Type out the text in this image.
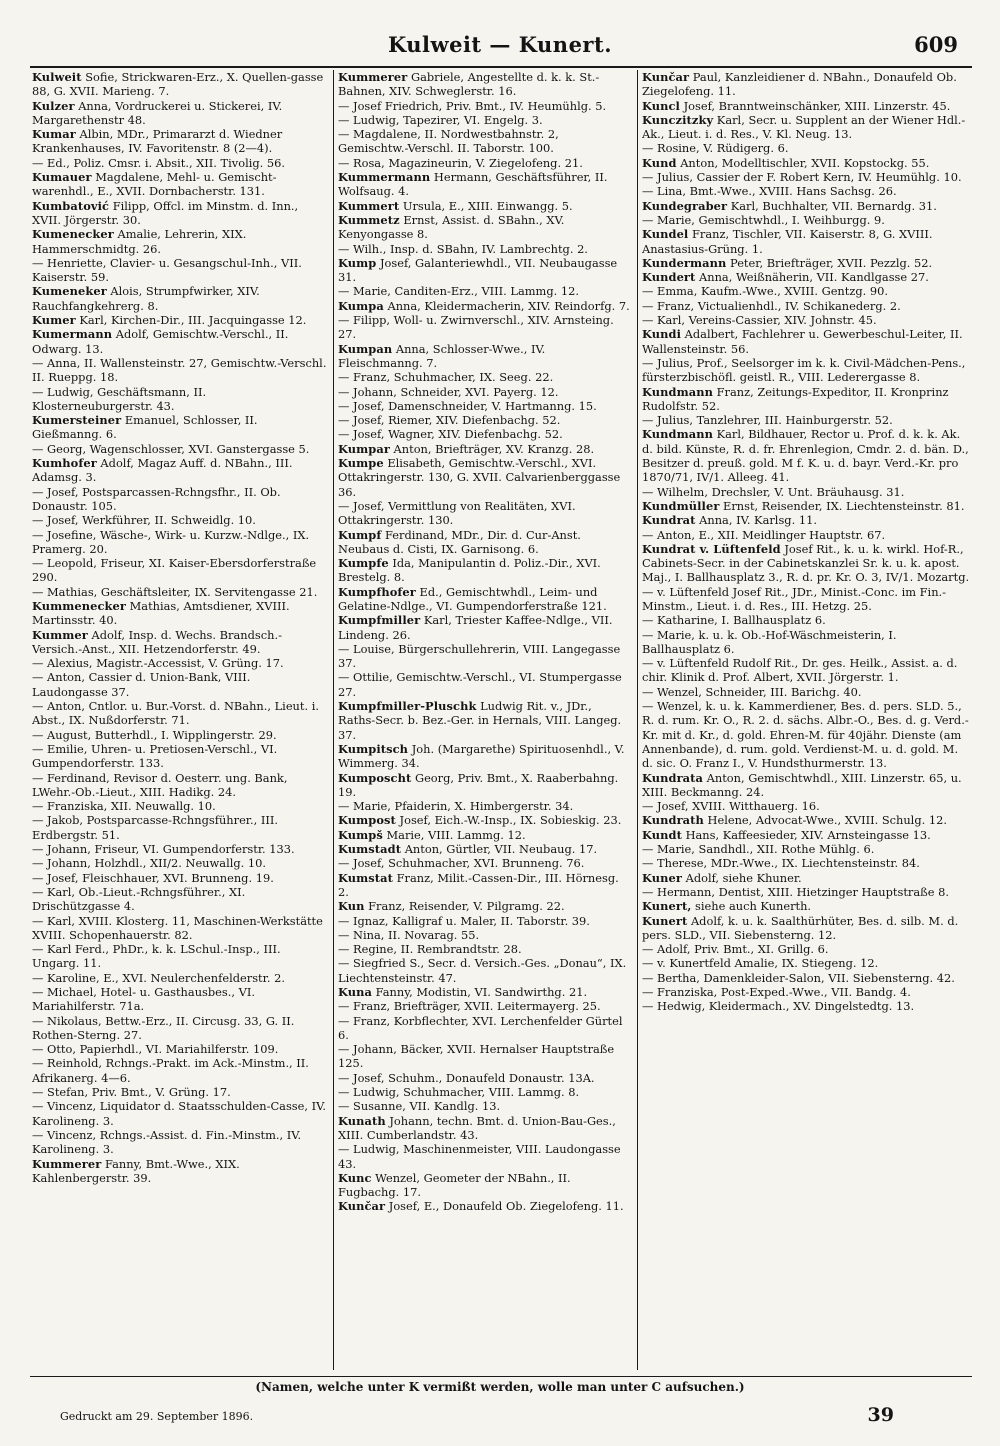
Kulweit — Kunert.	609

Kulweit Sofie, Strickwaren-Erz., X. Quellen-gasse 88, G. XVII. Marieng. 7.

Kulzer Anna, Vordruckerei u. Stickerei, IV. Margarethenstr 48.

Kumar Albin, MDr., Primararzt d. Wiedner Krankenhauses, IV. Favoritenstr. 8 (2—4).

— Ed., Poliz. Cmsr. i. Absit., XII. Tivolig. 56.

Kumauer Magdalene, Mehl- u. Gemischt-warenhdl., E., XVII. Dornbacherstr. 131.

Kumbatović Filipp, Offcl. im Minstm. d. Inn., XVII. Jörgerstr. 30.

Kumenecker Amalie, Lehrerin, XIX. Hammerschmidtg. 26.

— Henriette, Clavier- u. Gesangschul-Inh., VII. Kaiserstr. 59.

Kumeneker Alois, Strumpfwirker, XIV. Rauchfangkehrerg. 8.

Kumer Karl, Kirchen-Dir., III. Jacquingasse 12.

Kumermann Adolf, Gemischtw.-Verschl., II. Odwarg. 13.

— Anna, II. Wallensteinstr. 27, Gemischtw.-Verschl. II. Rueppg. 18.

— Ludwig, Geschäftsmann, II. Klosterneuburgerstr. 43.

Kumersteiner Emanuel, Schlosser, II. Gießmanng. 6.

— Georg, Wagenschlosser, XVI. Ganstergasse 5.

Kumhofer Adolf, Magaz Auff. d. NBahn., III. Adamsg. 3.

— Josef, Postsparcassen-Rchngsfhr., II. Ob. Donaustr. 105.

— Josef, Werkführer, II. Schweidlg. 10.

— Josefine, Wäsche-, Wirk- u. Kurzw.-Ndlge., IX. Pramerg. 20.

— Leopold, Friseur, XI. Kaiser-Ebersdorferstraße 290.

— Mathias, Geschäftsleiter, IX. Servitengasse 21.

Kummenecker Mathias, Amtsdiener, XVIII. Martinsstr. 40.

Kummer Adolf, Insp. d. Wechs. Brandsch.-Versich.-Anst., XII. Hetzendorferstr. 49.

— Alexius, Magistr.-Accessist, V. Grüng. 17.

— Anton, Cassier d. Union-Bank, VIII. Laudongasse 37.

— Anton, Cntlor. u. Bur.-Vorst. d. NBahn., Lieut. i. Abst., IX. Nußdorferstr. 71.

— August, Butterhdl., I. Wipplingerstr. 29.

— Emilie, Uhren- u. Pretiosen-Verschl., VI. Gumpendorferstr. 133.

— Ferdinand, Revisor d. Oesterr. ung. Bank, LWehr.-Ob.-Lieut., XIII. Hadikg. 24.

— Franziska, XII. Neuwallg. 10.

— Jakob, Postsparcasse-Rchngsführer., III. Erdbergstr. 51.

— Johann, Friseur, VI. Gumpendorferstr. 133.

— Johann, Holzhdl., XII/2. Neuwallg. 10.

— Josef, Fleischhauer, XVI. Brunneng. 19.

— Karl, Ob.-Lieut.-Rchngsführer., XI. Drischützgasse 4.

— Karl, XVIII. Klosterg. 11, Maschinen-Werkstätte XVIII. Schopenhauerstr. 82.

— Karl Ferd., PhDr., k. k. LSchul.-Insp., III. Ungarg. 11.

— Karoline, E., XVI. Neulerchenfelderstr. 2.

— Michael, Hotel- u. Gasthausbes., VI. Mariahilferstr. 71a.

— Nikolaus, Bettw.-Erz., II. Circusg. 33, G. II. Rothen-Sterng. 27.

— Otto, Papierhdl., VI. Mariahilferstr. 109.

— Reinhold, Rchngs.-Prakt. im Ack.-Minstm., II. Afrikanerg. 4—6.

— Stefan, Priv. Bmt., V. Grüng. 17.

— Vincenz, Liquidator d. Staatsschulden-Casse, IV. Karolineng. 3.

— Vincenz, Rchngs.-Assist. d. Fin.-Minstm., IV. Karolineng. 3.

Kummerer Fanny, Bmt.-Wwe., XIX. Kahlenbergerstr. 39.

Kummerer Gabriele, Angestellte d. k. k. St.-Bahnen, XIV. Schweglerstr. 16.

— Josef Friedrich, Priv. Bmt., IV. Heumühlg. 5.

— Ludwig, Tapezirer, VI. Engelg. 3.

— Magdalene, II. Nordwestbahnstr. 2, Gemischtw.-Verschl. II. Taborstr. 100.

— Rosa, Magazineurin, V. Ziegelofeng. 21.

Kummermann Hermann, Geschäftsführer, II. Wolfsaug. 4.

Kummert Ursula, E., XIII. Einwangg. 5.

Kummetz Ernst, Assist. d. SBahn., XV. Kenyongasse 8.

— Wilh., Insp. d. SBahn, IV. Lambrechtg. 2.

Kump Josef, Galanteriewhdl., VII. Neubaugasse 31.

— Marie, Canditen-Erz., VIII. Lammg. 12.

Kumpa Anna, Kleidermacherin, XIV. Reindorfg. 7.

— Filipp, Woll- u. Zwirnverschl., XIV. Arnsteing. 27.

Kumpan Anna, Schlosser-Wwe., IV. Fleischmanng. 7.

— Franz, Schuhmacher, IX. Seeg. 22.

— Johann, Schneider, XVI. Payerg. 12.

— Josef, Damenschneider, V. Hartmanng. 15.

— Josef, Riemer, XIV. Diefenbachg. 52.

— Josef, Wagner, XIV. Diefenbachg. 52.

Kumpar Anton, Briefträger, XV. Kranzg. 28.

Kumpe Elisabeth, Gemischtw.-Verschl., XVI. Ottakringerstr. 130, G. XVII. Calvarienberggasse 36.

— Josef, Vermittlung von Realitäten, XVI. Ottakringerstr. 130.

Kumpf Ferdinand, MDr., Dir. d. Cur-Anst. Neubaus d. Cisti, IX. Garnisong. 6.

Kumpfe Ida, Manipulantin d. Poliz.-Dir., XVI. Brestelg. 8.

Kumpfhofer Ed., Gemischtwhdl., Leim- und Gelatine-Ndlge., VI. Gumpendorferstraße 121.

Kumpfmiller Karl, Triester Kaffee-Ndlge., VII. Lindeng. 26.

— Louise, Bürgerschullehrerin, VIII. Langegasse 37.

— Ottilie, Gemischtw.-Verschl., VI. Stumpergasse 27.

Kumpfmiller-Pluschk Ludwig Rit. v., JDr., Raths-Secr. b. Bez.-Ger. in Hernals, VIII. Langeg. 37.

Kumpitsch Joh. (Margarethe) Spirituosenhdl., V. Wimmerg. 34.

Kumposcht Georg, Priv. Bmt., X. Raaberbahng. 19.

— Marie, Pfaiderin, X. Himbergerstr. 34.

Kumpost Josef, Eich.-W.-Insp., IX. Sobieskig. 23.

Kumpš Marie, VIII. Lammg. 12.

Kumstadt Anton, Gürtler, VII. Neubaug. 17.

— Josef, Schuhmacher, XVI. Brunneng. 76.

Kumstat Franz, Milit.-Cassen-Dir., III. Hörnesg. 2.

Kun Franz, Reisender, V. Pilgramg. 22.

— Ignaz, Kalligraf u. Maler, II. Taborstr. 39.

— Nina, II. Novarag. 55.

— Regine, II. Rembrandtstr. 28.

— Siegfried S., Secr. d. Versich.-Ges. „Donau“, IX. Liechtensteinstr. 47.

Kuna Fanny, Modistin, VI. Sandwirthg. 21.

— Franz, Briefträger, XVII. Leitermayerg. 25.

— Franz, Korbflechter, XVI. Lerchenfelder Gürtel 6.

— Johann, Bäcker, XVII. Hernalser Hauptstraße 125.

— Josef, Schuhm., Donaufeld Donaustr. 13A.

— Ludwig, Schuhmacher, VIII. Lammg. 8.

— Susanne, VII. Kandlg. 13.

Kunath Johann, techn. Bmt. d. Union-Bau-Ges., XIII. Cumberlandstr. 43.

— Ludwig, Maschinenmeister, VIII. Laudongasse 43.

Kunc Wenzel, Geometer der NBahn., II. Fugbachg. 17.

Kunčar Josef, E., Donaufeld Ob. Ziegelofeng. 11.

Kunčar Paul, Kanzleidiener d. NBahn., Donaufeld Ob. Ziegelofeng. 11.

Kuncl Josef, Branntweinschänker, XIII. Linzerstr. 45.

Kunczitzky Karl, Secr. u. Supplent an der Wiener Hdl.-Ak., Lieut. i. d. Res., V. Kl. Neug. 13.

— Rosine, V. Rüdigerg. 6.

Kund Anton, Modelltischler, XVII. Kopstockg. 55.

— Julius, Cassier der F. Robert Kern, IV. Heumühlg. 10.

— Lina, Bmt.-Wwe., XVIII. Hans Sachsg. 26.

Kundegraber Karl, Buchhalter, VII. Bernardg. 31.

— Marie, Gemischtwhdl., I. Weihburgg. 9.

Kundel Franz, Tischler, VII. Kaiserstr. 8, G. XVIII. Anastasius-Grüng. 1.

Kundermann Peter, Briefträger, XVII. Pezzlg. 52.

Kundert Anna, Weißnäherin, VII. Kandlgasse 27.

— Emma, Kaufm.-Wwe., XVIII. Gentzg. 90.

— Franz, Victualienhdl., IV. Schikanederg. 2.

— Karl, Vereins-Cassier, XIV. Johnstr. 45.

Kundi Adalbert, Fachlehrer u. Gewerbeschul-Leiter, II. Wallensteinstr. 56.

— Julius, Prof., Seelsorger im k. k. Civil-Mädchen-Pens., fürsterzbischöfl. geistl. R., VIII. Lederergasse 8.

Kundmann Franz, Zeitungs-Expeditor, II. Kronprinz Rudolfstr. 52.

— Julius, Tanzlehrer, III. Hainburgerstr. 52.

Kundmann Karl, Bildhauer, Rector u. Prof. d. k. k. Ak. d. bild. Künste, R. d. fr. Ehrenlegion, Cmdr. 2. d. bän. D., Besitzer d. preuß. gold. M f. K. u. d. bayr. Verd.-Kr. pro 1870/71, IV/1. Alleeg. 41.

— Wilhelm, Drechsler, V. Unt. Bräuhausg. 31.

Kundmüller Ernst, Reisender, IX. Liechtensteinstr. 81.

Kundrat Anna, IV. Karlsg. 11.

— Anton, E., XII. Meidlinger Hauptstr. 67.

Kundrat v. Lüftenfeld Josef Rit., k. u. k. wirkl. Hof-R., Cabinets-Secr. in der Cabinetskanzlei Sr. k. u. k. apost. Maj., I. Ballhausplatz 3., R. d. pr. Kr. O. 3, IV/1. Mozartg.

— v. Lüftenfeld Josef Rit., JDr., Minist.-Conc. im Fin.-Minstm., Lieut. i. d. Res., III. Hetzg. 25.

— Katharine, I. Ballhausplatz 6.

— Marie, k. u. k. Ob.-Hof-Wäschmeisterin, I. Ballhausplatz 6.

— v. Lüftenfeld Rudolf Rit., Dr. ges. Heilk., Assist. a. d. chir. Klinik d. Prof. Albert, XVII. Jörgerstr. 1.

— Wenzel, Schneider, III. Barichg. 40.

— Wenzel, k. u. k. Kammerdiener, Bes. d. pers. SLD. 5., R. d. rum. Kr. O., R. 2. d. sächs. Albr.-O., Bes. d. g. Verd.-Kr. mit d. Kr., d. gold. Ehren-M. für 40jähr. Dienste (am Annenbande), d. rum. gold. Verdienst-M. u. d. gold. M. d. sic. O. Franz I., V. Hundsthurmerstr. 13.

Kundrata Anton, Gemischtwhdl., XIII. Linzerstr. 65, u. XIII. Beckmanng. 24.

— Josef, XVIII. Witthauerg. 16.

Kundrath Helene, Advocat-Wwe., XVIII. Schulg. 12.

Kundt Hans, Kaffeesieder, XIV. Arnsteingasse 13.

— Marie, Sandhdl., XII. Rothe Mühlg. 6.

— Therese, MDr.-Wwe., IX. Liechtensteinstr. 84.

Kuner Adolf, siehe Khuner.

— Hermann, Dentist, XIII. Hietzinger Hauptstraße 8.

Kunert, siehe auch Kunerth.

Kunert Adolf, k. u. k. Saalthürhüter, Bes. d. silb. M. d. pers. SLD., VII. Siebensterng. 12.

— Adolf, Priv. Bmt., XI. Grillg. 6.

— v. Kunertfeld Amalie, IX. Stiegeng. 12.

— Bertha, Damenkleider-Salon, VII. Siebensterng. 42.

— Franziska, Post-Exped.-Wwe., VII. Bandg. 4.

— Hedwig, Kleidermach., XV. Dingelstedtg. 13.

(Namen, welche unter K vermißt werden, wolle man unter C aufsuchen.)
Gedruckt am 29. September 1896.	39
